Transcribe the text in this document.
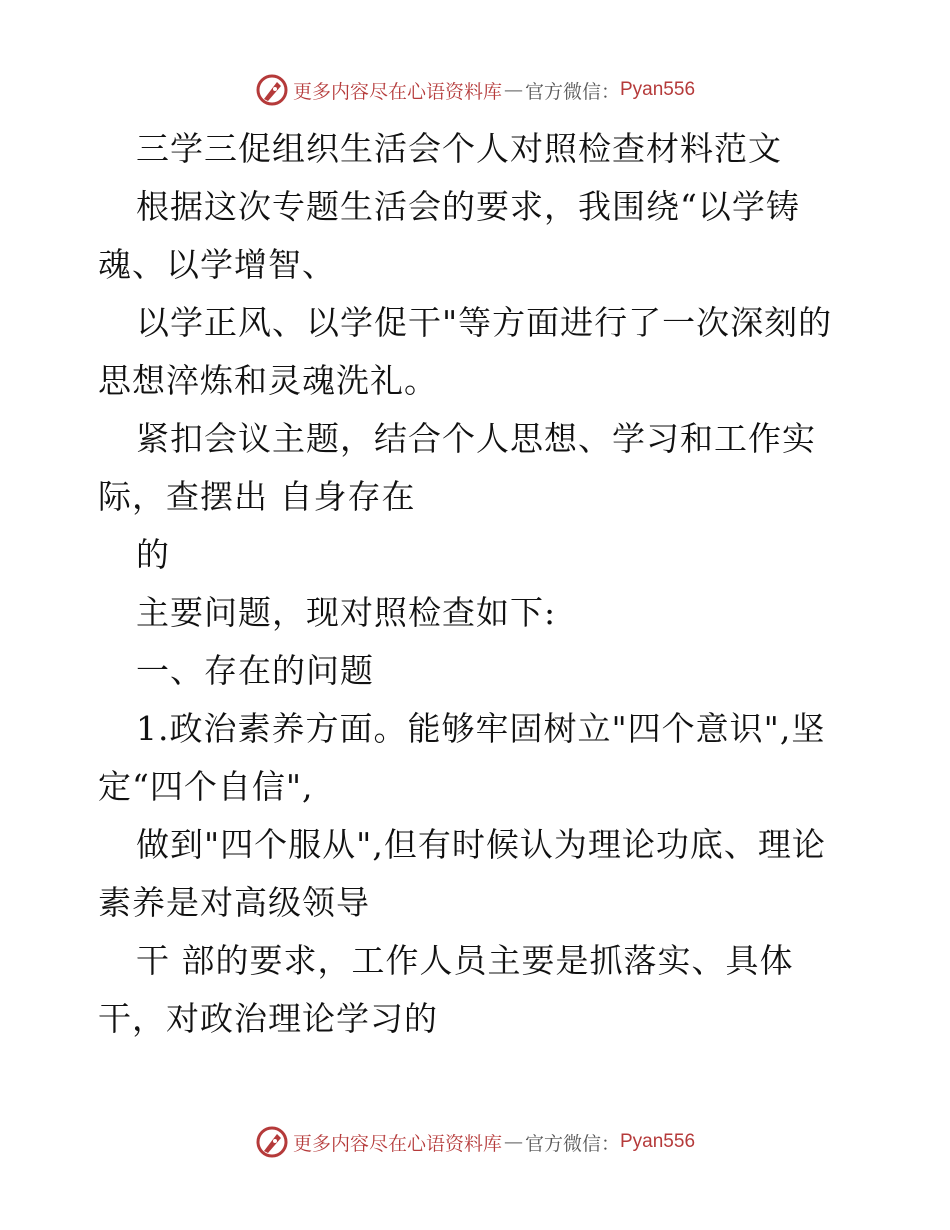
更多内容尽在心语资料库 — 官方微信： Pyan556
三学三促组织生活会个人对照检查材料范文
根据这次专题生活会的要求，我围绕“以学铸
魂、以学增智、
以学正风、以学促干"等方面进行了一次深刻的
思想淬炼和灵魂洗礼。
紧扣会议主题，结合个人思想、学习和工作实
际，查摆出 自身存在
的
主要问题，现对照检查如下:
一、存在的问题
1.政治素养方面。能够牢固树立"四个意识",坚
定“四个自信",
做到"四个服从",但有时候认为理论功底、理论
素养是对高级领导
干 部的要求，工作人员主要是抓落实、具体
干，对政治理论学习的
更多内容尽在心语资料库 — 官方微信： Pyan556
